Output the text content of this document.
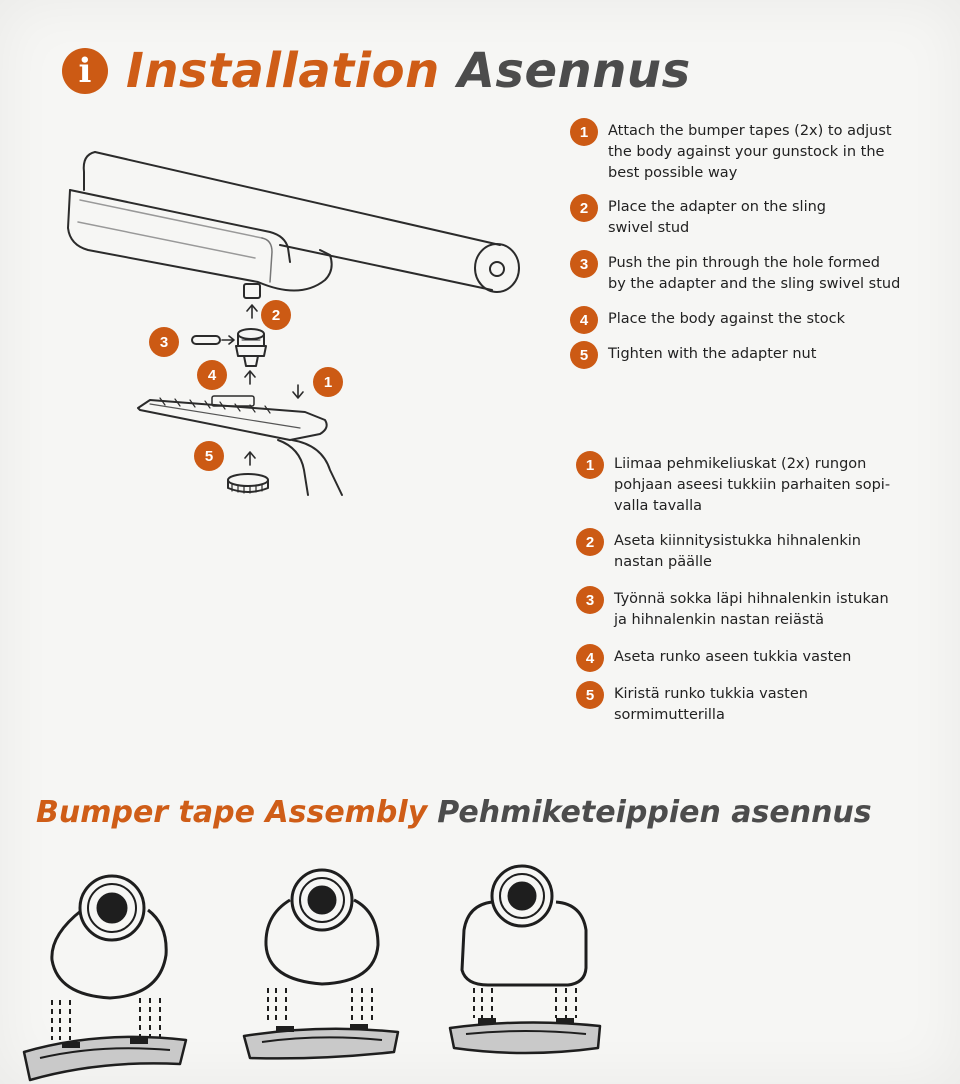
i Installation Asennus
2
3
4	1
5
1	Attach the bumper tapes (2x) to adjust
the body against your gunstock in the
best possible way
2	Place the adapter on the sling
swivel stud
3	Push the pin through the hole formed
by the adapter and the sling swivel stud
4	Place the body against the stock
5	Tighten with the adapter nut
1	Liimaa pehmikeliuskat (2x) rungon
pohjaan aseesi tukkiin parhaiten sopi-
valla tavalla
2	Aseta kiinnitysistukka hihnalenkin
nastan päälle
3	Työnnä sokka läpi hihnalenkin istukan
ja hihnalenkin nastan reiästä
4	Aseta runko aseen tukkia vasten
5	Kiristä runko tukkia vasten
sormimutterilla
Bumper tape Assembly Pehmiketeippien asennus
